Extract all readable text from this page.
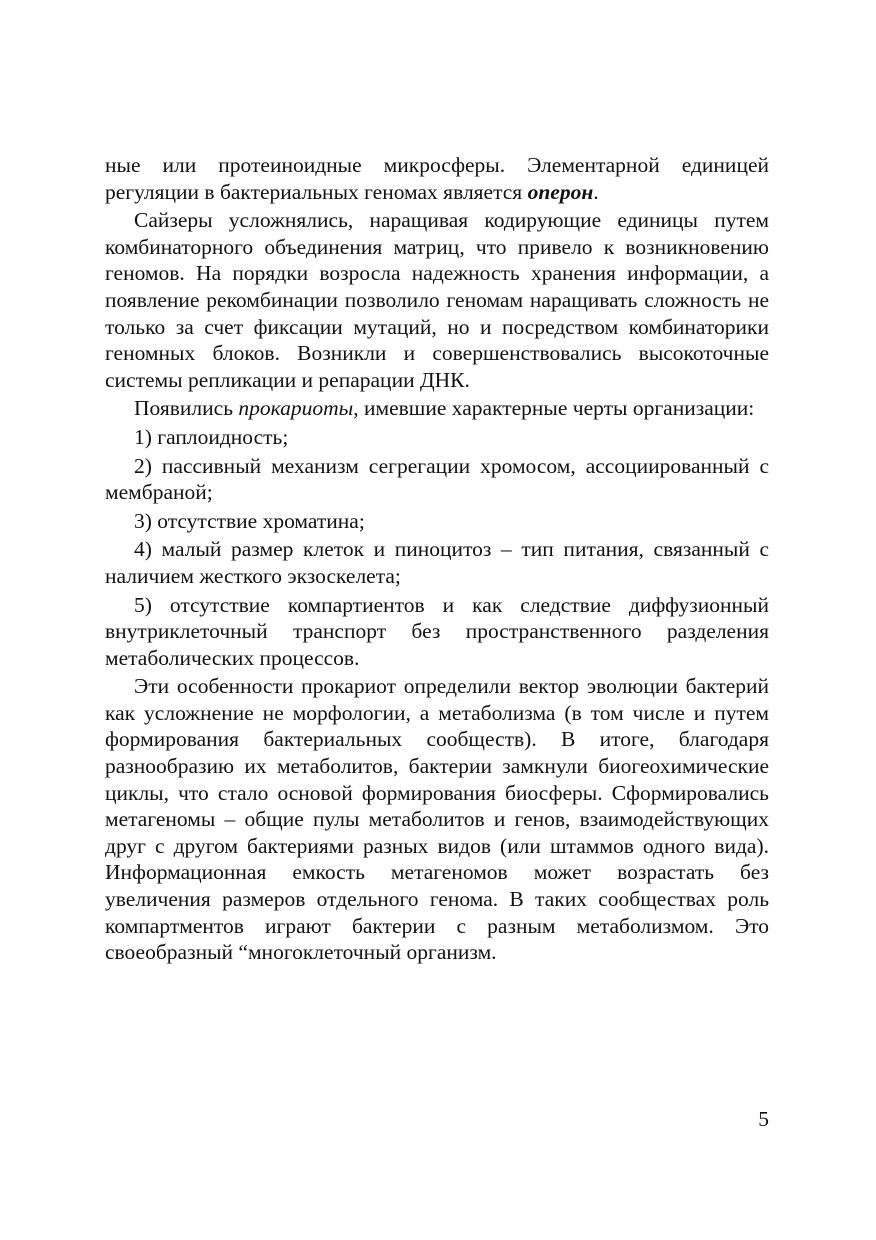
ные или протеиноидные микросферы. Элементарной единицей регуляции в бактериальных геномах является оперон.

Сайзеры усложнялись, наращивая кодирующие единицы путем комбинаторного объединения матриц, что привело к возникновению геномов. На порядки возросла надежность хранения информации, а появление рекомбинации позволило геномам наращивать сложность не только за счет фиксации мутаций, но и посредством комбинаторики геномных блоков. Возникли и совершенствовались высокоточные системы репликации и репарации ДНК.

Появились прокариоты, имевшие характерные черты организации:

1) гаплоидность;

2) пассивный механизм сегрегации хромосом, ассоциированный с мембраной;

3) отсутствие хроматина;

4) малый размер клеток и пиноцитоз – тип питания, связанный с наличием жесткого экзоскелета;

5) отсутствие компартиентов и как следствие диффузионный внутриклеточный транспорт без пространственного разделения метаболических процессов.

Эти особенности прокариот определили вектор эволюции бактерий как усложнение не морфологии, а метаболизма (в том числе и путем формирования бактериальных сообществ). В итоге, благодаря разнообразию их метаболитов, бактерии замкнули биогеохимические циклы, что стало основой формирования биосферы. Сформировались метагеномы – общие пулы метаболитов и генов, взаимодействующих друг с другом бактериями разных видов (или штаммов одного вида). Информационная емкость метагеномов может возрастать без увеличения размеров отдельного генома. В таких сообществах роль компартментов играют бактерии с разным метаболизмом. Это своеобразный “многоклеточный организм.

5
